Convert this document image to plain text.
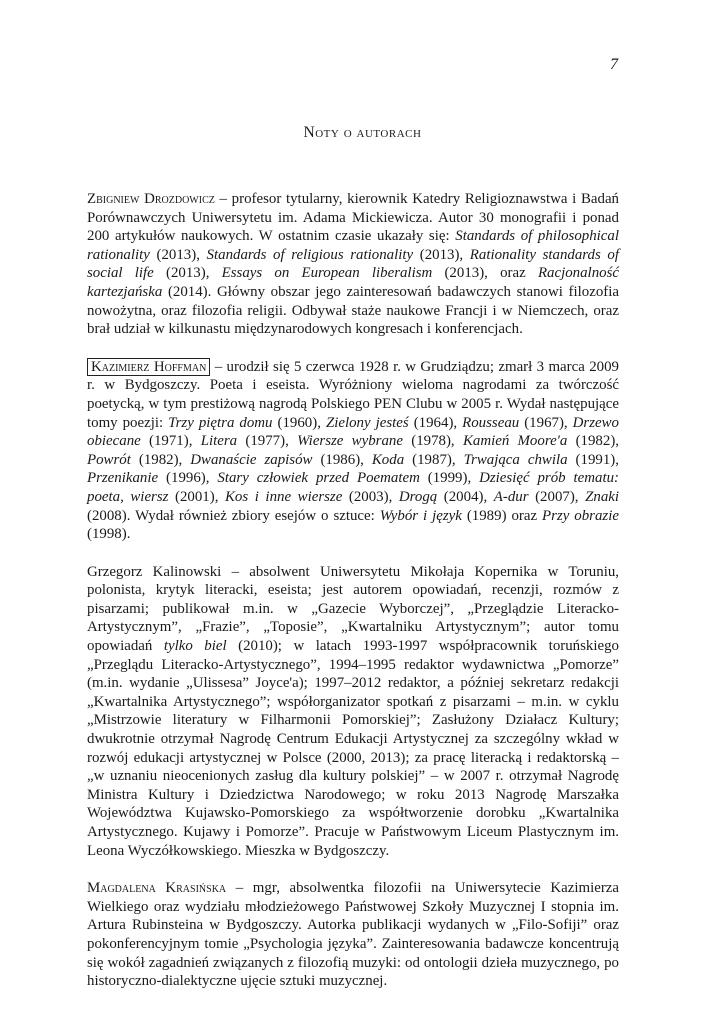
7
Noty o autorach

Zbigniew Drozdowicz – profesor tytularny, kierownik Katedry Religioznawstwa i Badań Porównawczych Uniwersytetu im. Adama Mickiewicza. Autor 30 monografii i ponad 200 artykułów naukowych. W ostatnim czasie ukazały się: Standards of philosophical rationality (2013), Standards of religious rationality (2013), Rationality standards of social life (2013), Essays on European liberalism (2013), oraz Racjonalność kartezjańska (2014). Główny obszar jego zainteresowań badawczych stanowi filozofia nowożytna, oraz filozofia religii. Odbywał staże naukowe Francji i w Niemczech, oraz brał udział w kilkunastu międzynarodowych kongresach i konferencjach.

Kazimierz Hoffman – urodził się 5 czerwca 1928 r. w Grudziądzu; zmarł 3 marca 2009 r. w Bydgoszczy. Poeta i eseista. Wyróżniony wieloma nagrodami za twórczość poetycką, w tym prestiżową nagrodą Polskiego PEN Clubu w 2005 r. Wydał następujące tomy poezji: Trzy piętra domu (1960), Zielony jesteś (1964), Rousseau (1967), Drzewo obiecane (1971), Litera (1977), Wiersze wybrane (1978), Kamień Moore'a (1982), Powrót (1982), Dwanaście zapisów (1986), Koda (1987), Trwająca chwila (1991), Przenikanie (1996), Stary człowiek przed Poematem (1999), Dziesięć prób tematu: poeta, wiersz (2001), Kos i inne wiersze (2003), Drogą (2004), A-dur (2007), Znaki (2008). Wydał również zbiory esejów o sztuce: Wybór i język (1989) oraz Przy obrazie (1998).

Grzegorz Kalinowski – absolwent Uniwersytetu Mikołaja Kopernika w Toruniu, polonista, krytyk literacki, eseista; jest autorem opowiadań, recenzji, rozmów z pisarzami; publikował m.in. w „Gazecie Wyborczej”, „Przeglądzie Literacko-Artystycznym”, „Frazie”, „Toposie”, „Kwartalniku Artystycznym”; autor tomu opowiadań tylko biel (2010); w latach 1993-1997 współpracownik toruńskiego „Przeglądu Literacko-Artystycznego”, 1994–1995 redaktor wydawnictwa „Pomorze” (m.in. wydanie „Ulissesa” Joyce'a); 1997–2012 redaktor, a później sekretarz redakcji „Kwartalnika Artystycznego”; współorganizator spotkań z pisarzami – m.in. w cyklu „Mistrzowie literatury w Filharmonii Pomorskiej”; Zasłużony Działacz Kultury; dwukrotnie otrzymał Nagrodę Centrum Edukacji Artystycznej za szczególny wkład w rozwój edukacji artystycznej w Polsce (2000, 2013); za pracę literacką i redaktorską – „w uznaniu nieocenionych zasług dla kultury polskiej” – w 2007 r. otrzymał Nagrodę Ministra Kultury i Dziedzictwa Narodowego; w roku 2013 Nagrodę Marszałka Województwa Kujawsko-Pomorskiego za współtworzenie dorobku „Kwartalnika Artystycznego. Kujawy i Pomorze”. Pracuje w Państwowym Liceum Plastycznym im. Leona Wyczółkowskiego. Mieszka w Bydgoszczy.

Magdalena Krasińska – mgr, absolwentka filozofii na Uniwersytecie Kazimierza Wielkiego oraz wydziału młodzieżowego Państwowej Szkoły Muzycznej I stopnia im. Artura Rubinsteina w Bydgoszczy. Autorka publikacji wydanych w „Filo-Sofiji” oraz pokonferencyjnym tomie „Psychologia języka”. Zainteresowania badawcze koncentrują się wokół zagadnień związanych z filozofią muzyki: od ontologii dzieła muzycznego, po historyczno-dialektyczne ujęcie sztuki muzycznej.
